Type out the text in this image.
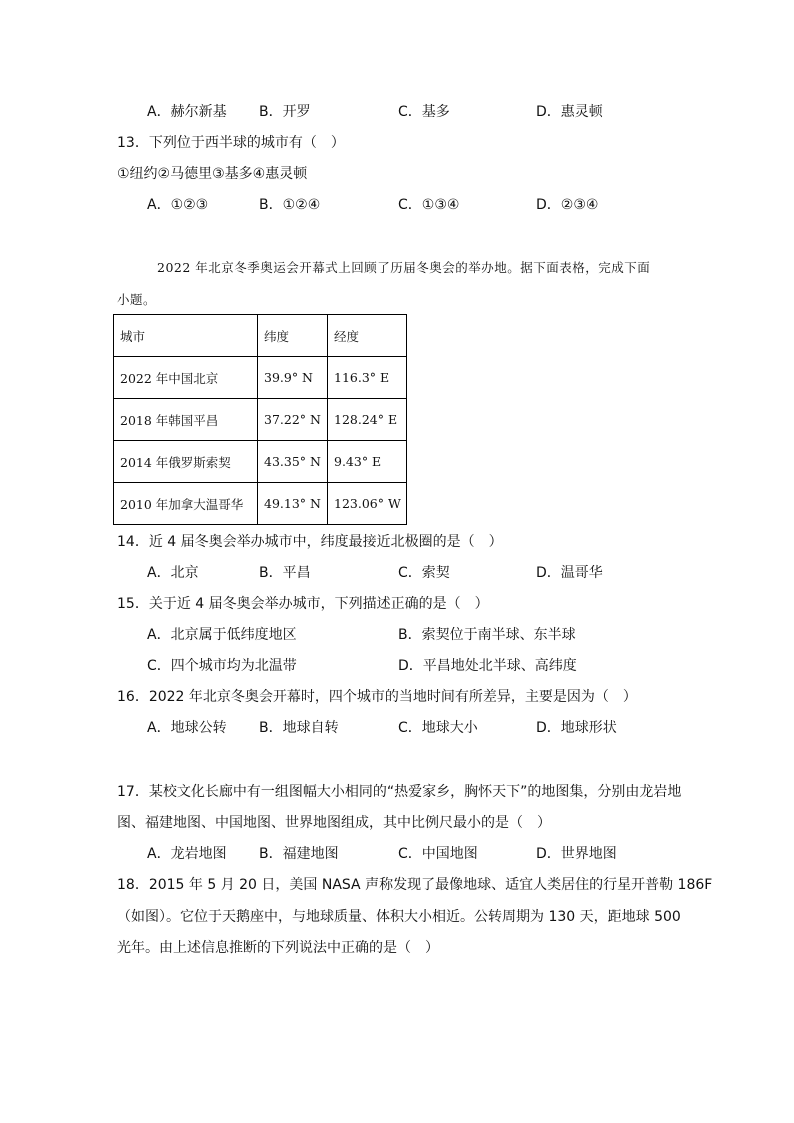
A．赫尔新基 B．开罗	C．基多	D．惠灵顿
13．下列位于西半球的城市有（　）
①纽约②马德里③基多④惠灵顿
A．①②③	B．①②④	C．①③④	D．②③④
2022 年北京冬季奥运会开幕式上回顾了历届冬奥会的举办地。据下面表格，完成下面
小题。
城市	纬度	经度
2022 年中国北京	39.9° N	116.3° E
2018 年韩国平昌	37.22° N	128.24° E
2014 年俄罗斯索契	43.35° N	9.43° E
2010 年加拿大温哥华	49.13° N	123.06° W
14．近 4 届冬奥会举办城市中，纬度最接近北极圈的是（　）
A．北京	B．平昌	C．索契	D．温哥华
15．关于近 4 届冬奥会举办城市，下列描述正确的是（　）
A．北京属于低纬度地区	B．索契位于南半球、东半球
C．四个城市均为北温带	D．平昌地处北半球、高纬度
16．2022 年北京冬奥会开幕时，四个城市的当地时间有所差异，主要是因为（　）
A．地球公转 B．地球自转	C．地球大小	D．地球形状
17．某校文化长廊中有一组图幅大小相同的“热爱家乡，胸怀天下”的地图集，分别由龙岩地
图、福建地图、中国地图、世界地图组成，其中比例尺最小的是（　）
A．龙岩地图 B．福建地图	C．中国地图	D．世界地图
18．2015 年 5 月 20 日，美国 NASA 声称发现了最像地球、适宜人类居住的行星开普勒 186F
（如图）。它位于天鹅座中，与地球质量、体积大小相近。公转周期为 130 天，距地球 500
光年。由上述信息推断的下列说法中正确的是（　）
